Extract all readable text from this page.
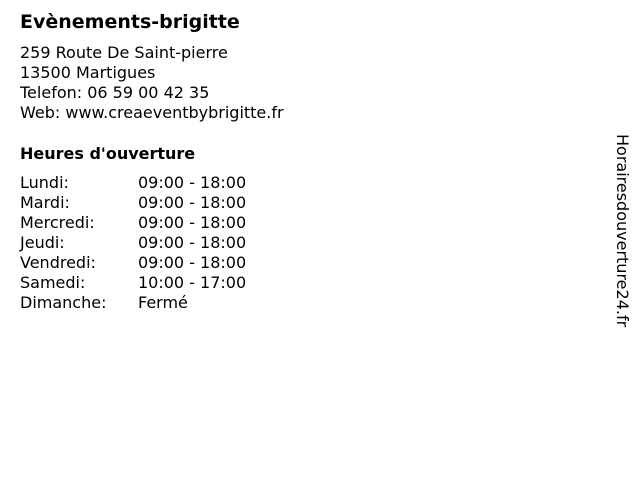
Evènements-brigitte
259 Route De Saint-pierre
13500 Martigues
Telefon: 06 59 00 42 35
Web: www.creaeventbybrigitte.fr
Heures d'ouverture
Lundi:	09:00 - 18:00
Mardi:	09:00 - 18:00
Mercredi:	09:00 - 18:00
Jeudi:	09:00 - 18:00
Vendredi:	09:00 - 18:00
Samedi:	10:00 - 17:00
Dimanche:	Fermé	Horairesdouverture24.fr
